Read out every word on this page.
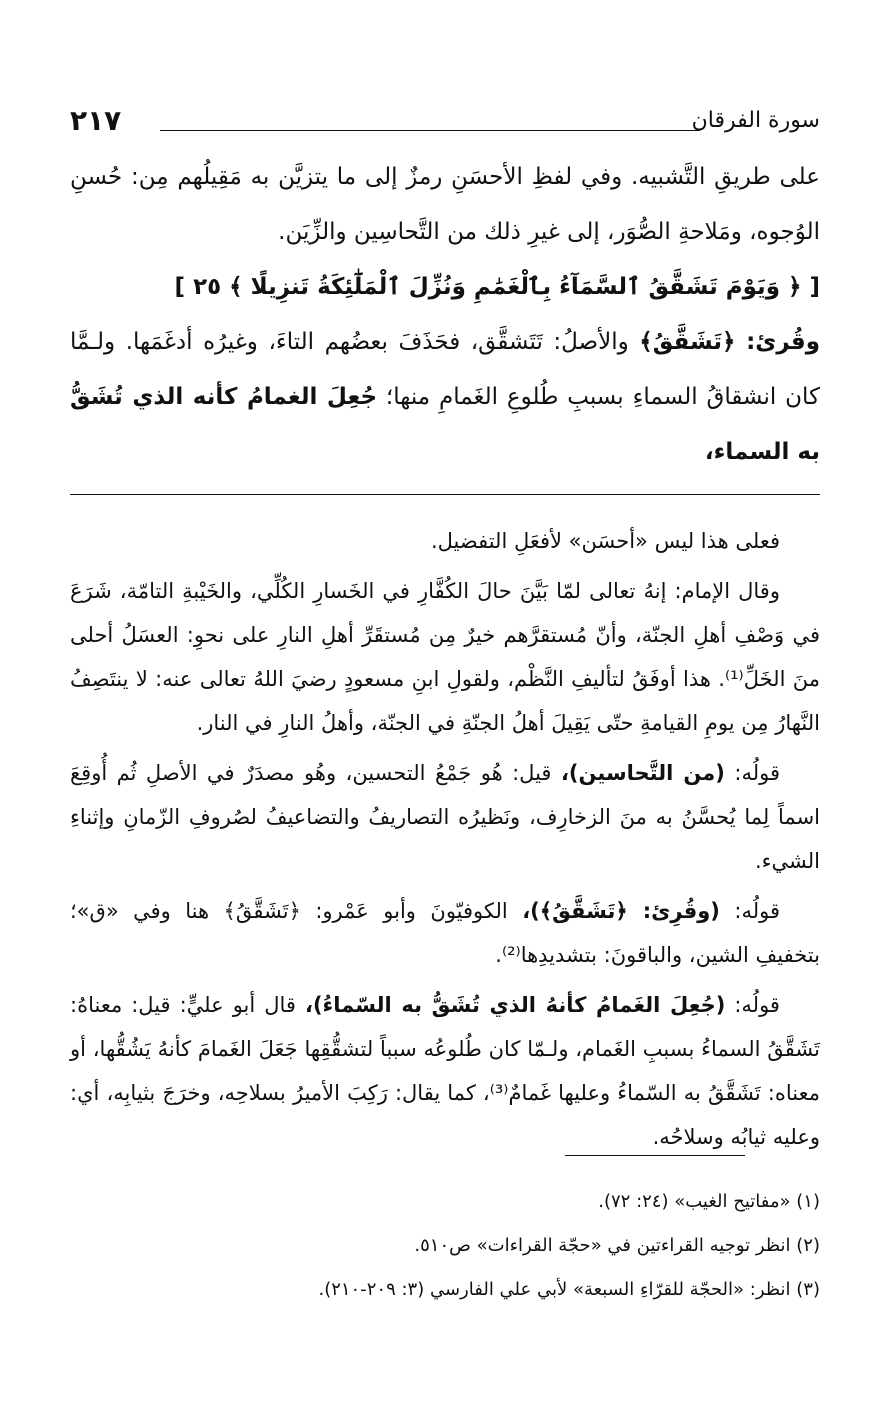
سورة الفرقان
٢١٧

على طريقِ التَّشبيه. وفي لفظِ الأحسَنِ رمزٌ إلى ما يتزيَّن به مَقِيلُهم مِن: حُسنِ الوُجوه، ومَلاحةِ الصُّوَر، إلى غيرِ ذلك من التَّحاسِين والزِّيَن.

[ ﴿ وَيَوْمَ تَشَقَّقُ ٱلسَّمَآءُ بِٱلْغَمَٰمِ وَنُزِّلَ ٱلْمَلَٰٓئِكَةُ تَنزِيلًا ﴾ ٢٥ ]

وقُرئ: ﴿تَشَقَّقُ﴾ والأصلُ: تَتَشقَّق، فحَذَفَ بعضُهم التاءَ، وغيرُه أدغَمَها. ولـمَّا كان انشقاقُ السماءِ بسببِ طُلوعِ الغَمامِ منها؛ جُعِلَ الغمامُ كأنه الذي تُشَقُّ به السماء،

فعلى هذا ليس «أحسَن» لأفعَلِ التفضيل.

وقال الإمام: إنهُ تعالى لمّا بَيَّنَ حالَ الكُفَّارِ في الخَسارِ الكُلِّي، والخَيْبةِ التامّة، شَرَعَ في وَصْفِ أهلِ الجنّة، وأنّ مُستقرَّهم خيرٌ مِن مُستقَرِّ أهلِ النارِ على نحوِ: العسَلُ أحلى منَ الخَلِّ⁽¹⁾. هذا أوفَقُ لتأليفِ النَّظْم، ولقولِ ابنِ مسعودٍ رضيَ اللهُ تعالى عنه: لا ينتَصِفُ النَّهارُ مِن يومِ القيامةِ حتّى يَقِيلَ أهلُ الجنّةِ في الجنّة، وأهلُ النارِ في النار.

قولُه: (من التَّحاسين)، قيل: هُو جَمْعُ التحسين، وهُو مصدَرٌ في الأصلِ ثُم أُوقِعَ اسماً لِما يُحسَّنُ به منَ الزخارِف، ونَظيرُه التصاريفُ والتضاعيفُ لصُروفِ الزّمانِ وإثناءِ الشيء.

قولُه: (وقُرِئ: ﴿تَشَقَّقُ﴾)، الكوفيّونَ وأبو عَمْرو: ﴿تَشَقَّقُ﴾ هنا وفي «ق»؛ بتخفيفِ الشين، والباقونَ: بتشديدِها⁽²⁾.

قولُه: (جُعِلَ الغَمامُ كأنهُ الذي تُشَقُّ به السّماءُ)، قال أبو عليٍّ: قيل: معناهُ: تَشَقَّقُ السماءُ بسببِ الغَمام، ولـمّا كان طُلوعُه سبباً لتشقُّقِها جَعَلَ الغَمامَ كأنهُ يَشُقُّها، أو معناه: تَشَقَّقُ به السّماءُ وعليها غَمامٌ⁽³⁾، كما يقال: رَكِبَ الأميرُ بسلاحِه، وخرَجَ بثيابِه، أي: وعليه ثيابُه وسلاحُه.

(١) «مفاتيح الغيب» (٢٤: ٧٢).

(٢) انظر توجيه القراءتين في «حجّة القراءات» ص٥١٠.

(٣) انظر: «الحجّة للقرّاءِ السبعة» لأبي علي الفارسي (٣: ٢٠٩-٢١٠).
